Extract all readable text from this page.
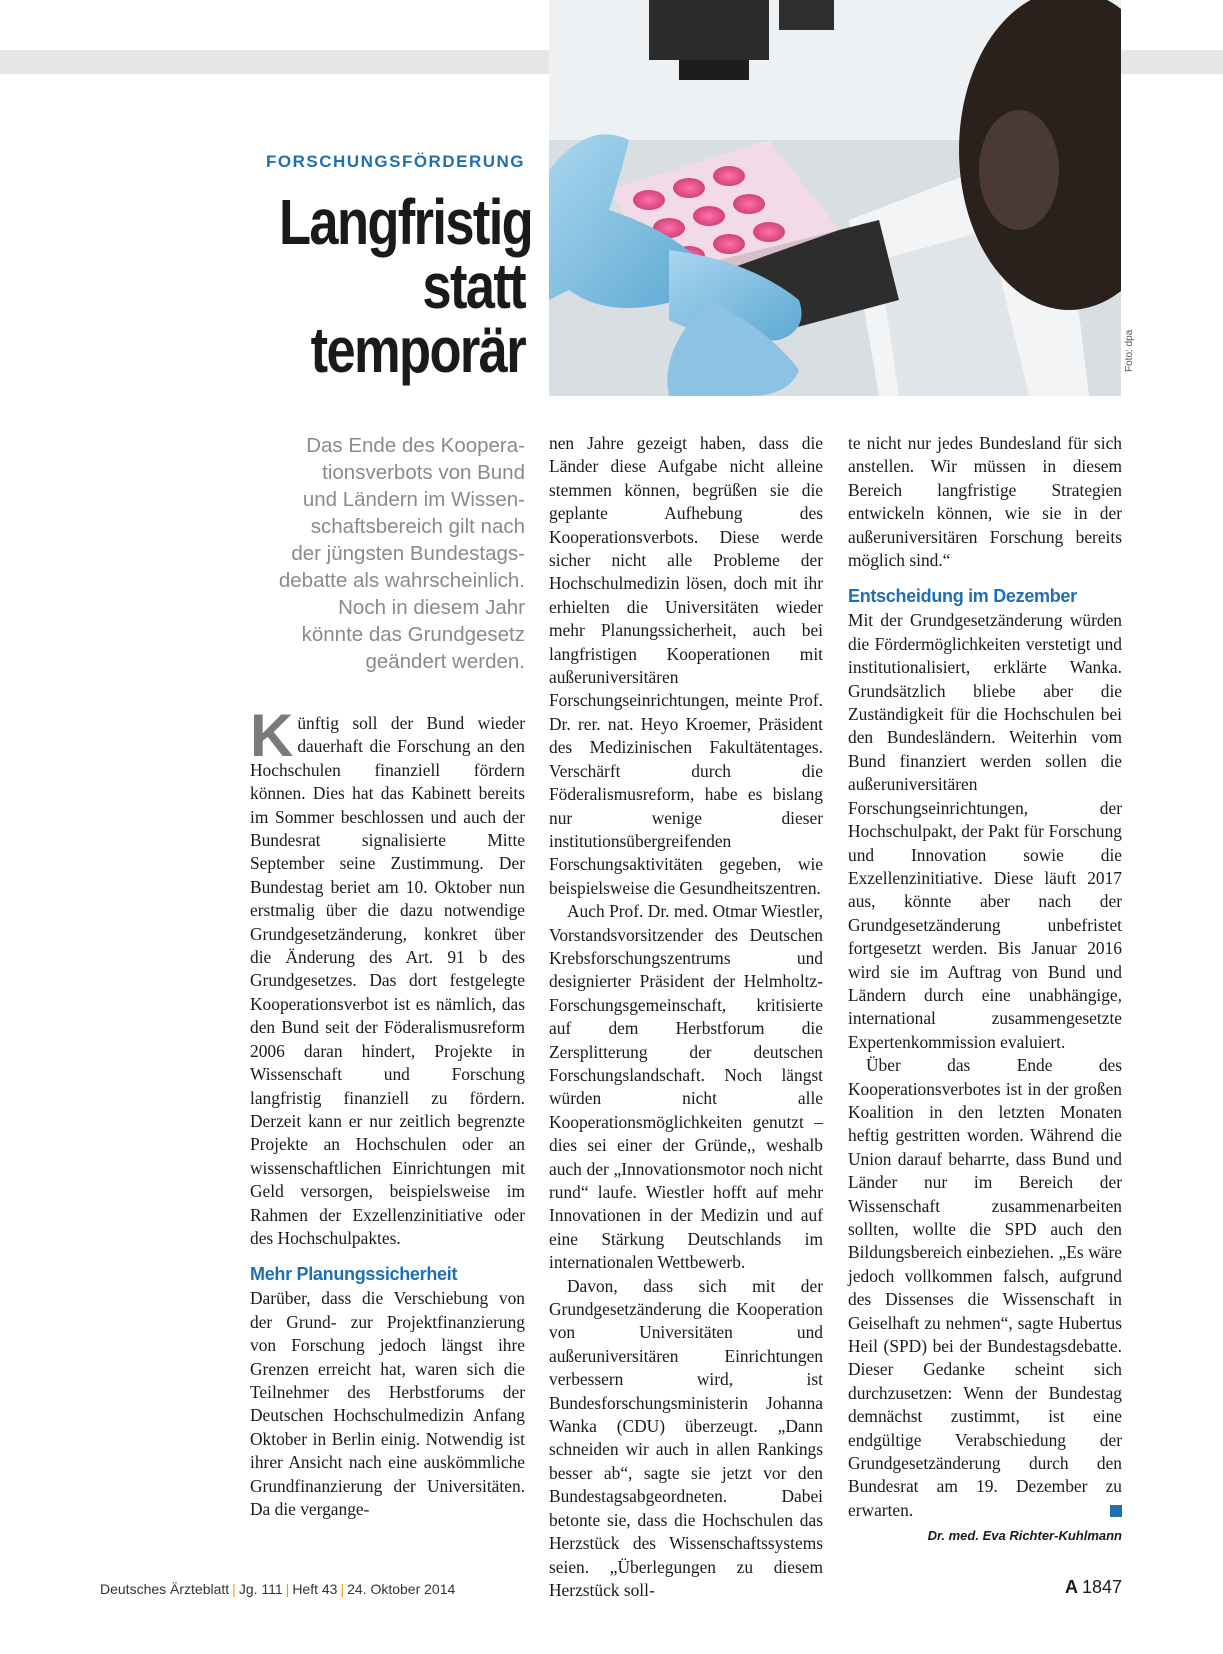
Foto: dpa
FORSCHUNGSFÖRDERUNG
Langfristig
statt
temporär
Das Ende des Koopera-
tionsverbots von Bund
und Ländern im Wissen-
schaftsbereich gilt nach
der jüngsten Bundestags-
debatte als wahrscheinlich.
Noch in diesem Jahr
könnte das Grundgesetz
geändert werden.

Künftig soll der Bund wieder dauerhaft die Forschung an den Hochschulen finanziell fördern können. Dies hat das Kabinett bereits im Sommer beschlossen und auch der Bundesrat signalisierte Mitte September seine Zustimmung. Der Bundestag beriet am 10. Oktober nun erstmalig über die dazu notwendige Grundgesetzänderung, konkret über die Änderung des Art. 91 b des Grundgesetzes. Das dort festgelegte Kooperationsverbot ist es nämlich, das den Bund seit der Föderalismusreform 2006 daran hindert, Projekte in Wissenschaft und Forschung langfristig finanziell zu fördern. Derzeit kann er nur zeitlich begrenzte Projekte an Hochschulen oder an wissenschaftlichen Einrichtungen mit Geld versorgen, beispielsweise im Rahmen der Exzellenzinitiative oder des Hochschulpaktes.

Mehr Planungssicherheit

Darüber, dass die Verschiebung von der Grund- zur Projektfinanzierung von Forschung jedoch längst ihre Grenzen erreicht hat, waren sich die Teilnehmer des Herbstforums der Deutschen Hochschulmedizin Anfang Oktober in Berlin einig. Notwendig ist ihrer Ansicht nach eine auskömmliche Grundfinanzierung der Universitäten. Da die vergange-

nen Jahre gezeigt haben, dass die Länder diese Aufgabe nicht alleine stemmen können, begrüßen sie die geplante Aufhebung des Kooperationsverbots. Diese werde sicher nicht alle Probleme der Hochschulmedizin lösen, doch mit ihr erhielten die Universitäten wieder mehr Planungssicherheit, auch bei langfristigen Kooperationen mit außeruniversitären Forschungseinrichtungen, meinte Prof. Dr. rer. nat. Heyo Kroemer, Präsident des Medizinischen Fakultätentages. Verschärft durch die Föderalismusreform, habe es bislang nur wenige dieser institutionsübergreifenden Forschungsaktivitäten gegeben, wie beispielsweise die Gesundheitszentren.

Auch Prof. Dr. med. Otmar Wiestler, Vorstandsvorsitzender des Deutschen Krebsforschungszentrums und designierter Präsident der Helmholtz-Forschungsgemeinschaft, kritisierte auf dem Herbstforum die Zersplitterung der deutschen Forschungslandschaft. Noch längst würden nicht alle Kooperationsmöglichkeiten genutzt – dies sei einer der Gründe,, weshalb auch der „Innovationsmotor noch nicht rund“ laufe. Wiestler hofft auf mehr Innovationen in der Medizin und auf eine Stärkung Deutschlands im internationalen Wettbewerb.

Davon, dass sich mit der Grundgesetzänderung die Kooperation von Universitäten und außeruniversitären Einrichtungen verbessern wird, ist Bundesforschungsministerin Johanna Wanka (CDU) überzeugt. „Dann schneiden wir auch in allen Rankings besser ab“, sagte sie jetzt vor den Bundestagsabgeordneten. Dabei betonte sie, dass die Hochschulen das Herzstück des Wissenschaftssystems seien. „Überlegungen zu diesem Herzstück soll-

te nicht nur jedes Bundesland für sich anstellen. Wir müssen in diesem Bereich langfristige Strategien entwickeln können, wie sie in der außeruniversitären Forschung bereits möglich sind.“

Entscheidung im Dezember

Mit der Grundgesetzänderung würden die Fördermöglichkeiten verstetigt und institutionalisiert, erklärte Wanka. Grundsätzlich bliebe aber die Zuständigkeit für die Hochschulen bei den Bundesländern. Weiterhin vom Bund finanziert werden sollen die außeruniversitären Forschungseinrichtungen, der Hochschulpakt, der Pakt für Forschung und Innovation sowie die Exzellenzinitiative. Diese läuft 2017 aus, könnte aber nach der Grundgesetzänderung unbefristet fortgesetzt werden. Bis Januar 2016 wird sie im Auftrag von Bund und Ländern durch eine unabhängige, international zusammengesetzte Expertenkommission evaluiert.

Über das Ende des Kooperationsverbotes ist in der großen Koalition in den letzten Monaten heftig gestritten worden. Während die Union darauf beharrte, dass Bund und Länder nur im Bereich der Wissenschaft zusammenarbeiten sollten, wollte die SPD auch den Bildungsbereich einbeziehen. „Es wäre jedoch vollkommen falsch, aufgrund des Dissenses die Wissenschaft in Geiselhaft zu nehmen“, sagte Hubertus Heil (SPD) bei der Bundestagsdebatte. Dieser Gedanke scheint sich durchzusetzen: Wenn der Bundestag demnächst zustimmt, ist eine endgültige Verabschiedung der Grundgesetzänderung durch den Bundesrat am 19. Dezember zu erwarten.

Dr. med. Eva Richter-Kuhlmann
Deutsches Ärzteblatt | Jg. 111 | Heft 43 | 24. Oktober 2014	A 1847
